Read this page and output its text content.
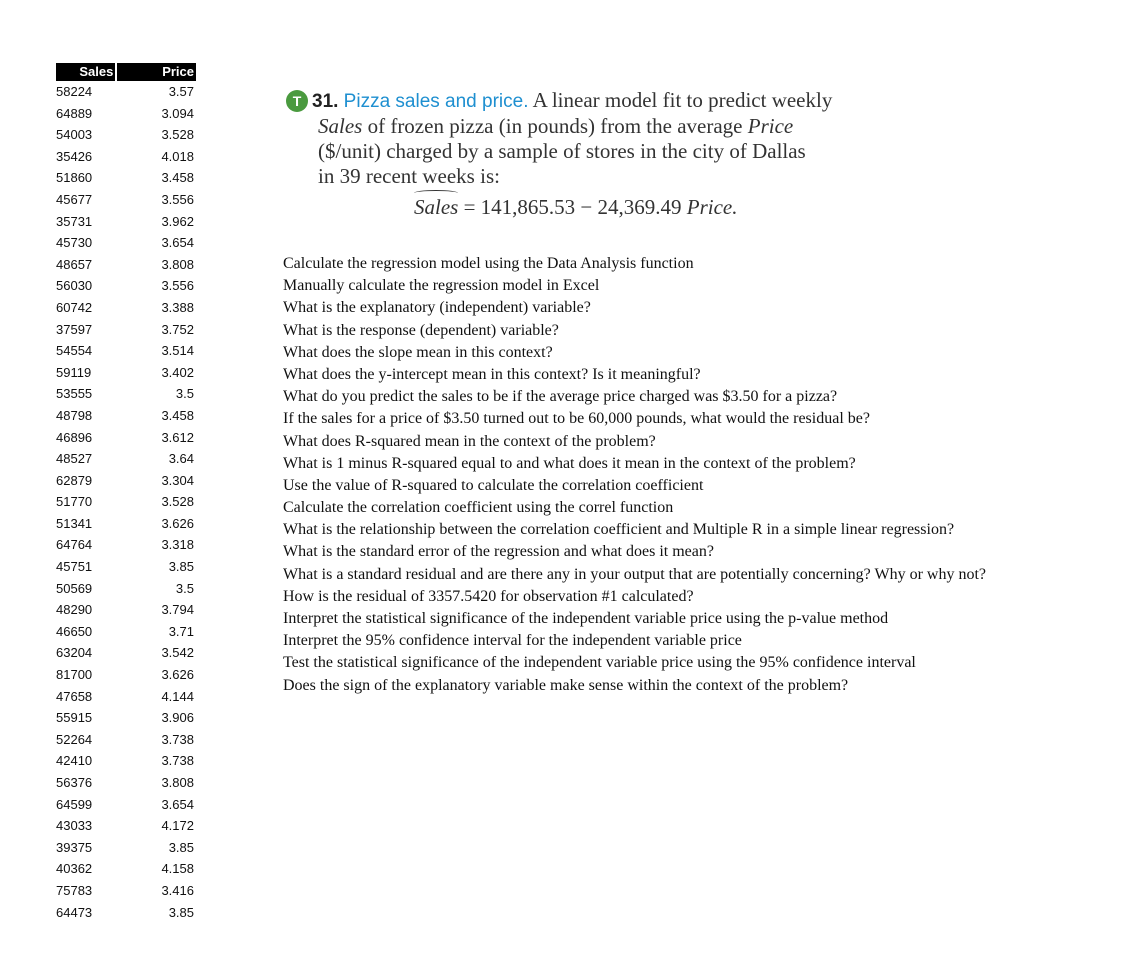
Sales		Price
58224		3.57
64889		3.094
54003		3.528
35426		4.018
51860		3.458
45677		3.556
35731		3.962
45730		3.654
48657		3.808
56030		3.556
60742		3.388
37597		3.752
54554		3.514
59119		3.402
53555		3.5
48798		3.458
46896		3.612
48527		3.64
62879		3.304
51770		3.528
51341		3.626
64764		3.318
45751		3.85
50569		3.5
48290		3.794
46650		3.71
63204		3.542
81700		3.626
47658		4.144
55915		3.906
52264		3.738
42410		3.738
56376		3.808
64599		3.654
43033		4.172
39375		3.85
40362		4.158
75783		3.416
64473		3.85
T 31. Pizza sales and price. A linear model fit to predict weekly
Sales of frozen pizza (in pounds) from the average Price
($/unit) charged by a sample of stores in the city of Dallas
in 39 recent weeks is:
Sales = 141,865.53 − 24,369.49 Price.
Calculate the regression model using the Data Analysis function
Manually calculate the regression model in Excel
What is the explanatory (independent) variable?
What is the response (dependent) variable?
What does the slope mean in this context?
What does the y-intercept mean in this context? Is it meaningful?
What do you predict the sales to be if the average price charged was $3.50 for a pizza?
If the sales for a price of $3.50 turned out to be 60,000 pounds, what would the residual be?
What does R-squared mean in the context of the problem?
What is 1 minus R-squared equal to and what does it mean in the context of the problem?
Use the value of R-squared to calculate the correlation coefficient
Calculate the correlation coefficient using the correl function
What is the relationship between the correlation coefficient and Multiple R in a simple linear regression?
What is the standard error of the regression and what does it mean?
What is a standard residual and are there any in your output that are potentially concerning? Why or why not?
How is the residual of 3357.5420 for observation #1 calculated?
Interpret the statistical significance of the independent variable price using the p-value method
Interpret the 95% confidence interval for the independent variable price
Test the statistical significance of the independent variable price using the 95% confidence interval
Does the sign of the explanatory variable make sense within the context of the problem?
